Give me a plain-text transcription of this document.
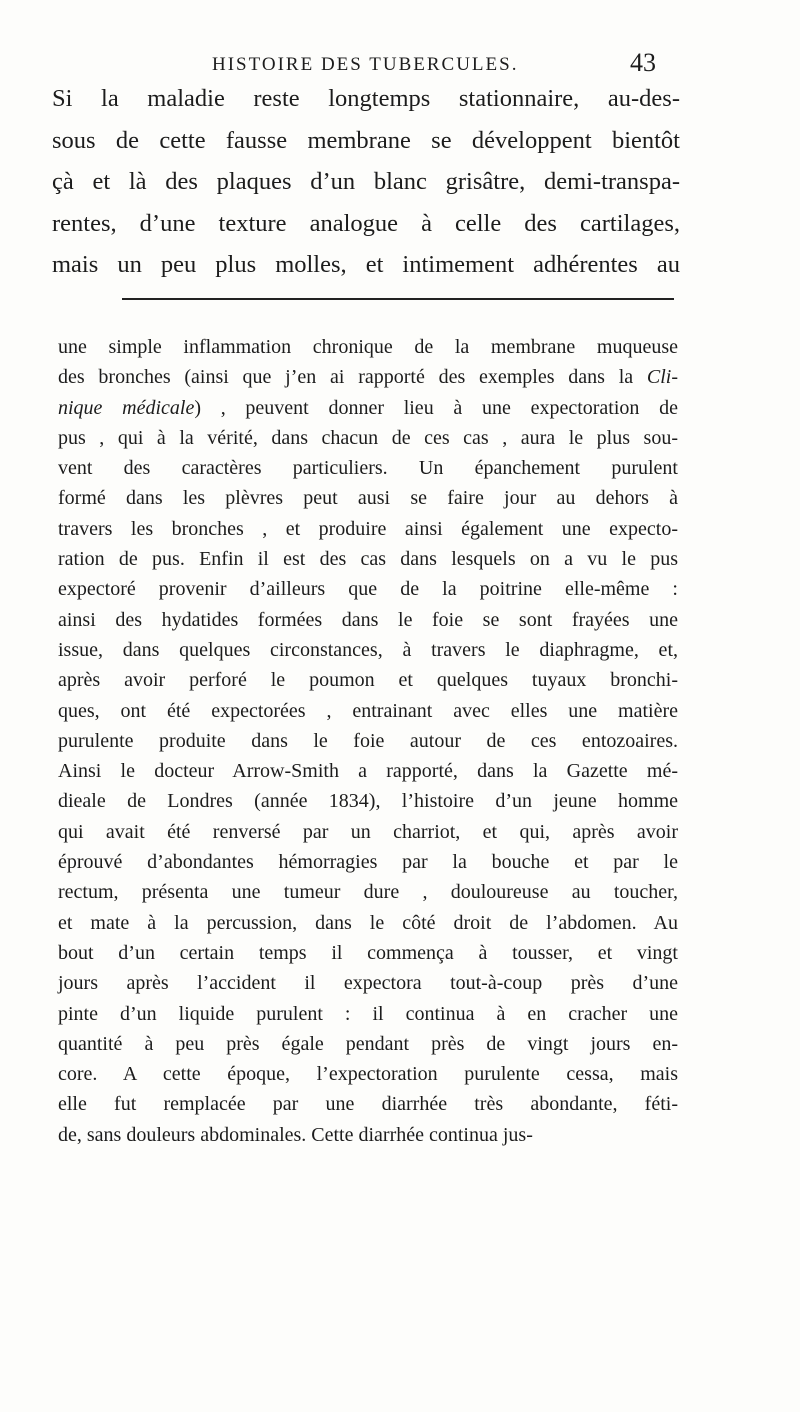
HISTOIRE DES TUBERCULES.	43
Si la maladie reste longtemps stationnaire, au-des-
sous de cette fausse membrane se développent bientôt
çà et là des plaques d’un blanc grisâtre, demi-transpa-
rentes, d’une texture analogue à celle des cartilages,
mais un peu plus molles, et intimement adhérentes au
une simple inflammation chronique de la membrane muqueuse
des bronches (ainsi que j’en ai rapporté des exemples dans la Cli-
nique médicale) , peuvent donner lieu à une expectoration de
pus , qui à la vérité, dans chacun de ces cas , aura le plus sou-
vent des caractères particuliers. Un épanchement purulent
formé dans les plèvres peut ausi se faire jour au dehors à
travers les bronches , et produire ainsi également une expecto-
ration de pus. Enfin il est des cas dans lesquels on a vu le pus
expectoré provenir d’ailleurs que de la poitrine elle-même :
ainsi des hydatides formées dans le foie se sont frayées une
issue, dans quelques circonstances, à travers le diaphragme, et,
après avoir perforé le poumon et quelques tuyaux bronchi-
ques, ont été expectorées , entrainant avec elles une matière
purulente produite dans le foie autour de ces entozoaires.
Ainsi le docteur Arrow-Smith a rapporté, dans la Gazette mé-
dieale de Londres (année 1834), l’histoire d’un jeune homme
qui avait été renversé par un charriot, et qui, après avoir
éprouvé d’abondantes hémorragies par la bouche et par le
rectum, présenta une tumeur dure , douloureuse au toucher,
et mate à la percussion, dans le côté droit de l’abdomen. Au
bout d’un certain temps il commença à tousser, et vingt
jours après l’accident il expectora tout-à-coup près d’une
pinte d’un liquide purulent : il continua à en cracher une
quantité à peu près égale pendant près de vingt jours en-
core. A cette époque, l’expectoration purulente cessa, mais
elle fut remplacée par une diarrhée très abondante, féti-
de, sans douleurs abdominales. Cette diarrhée continua jus-
